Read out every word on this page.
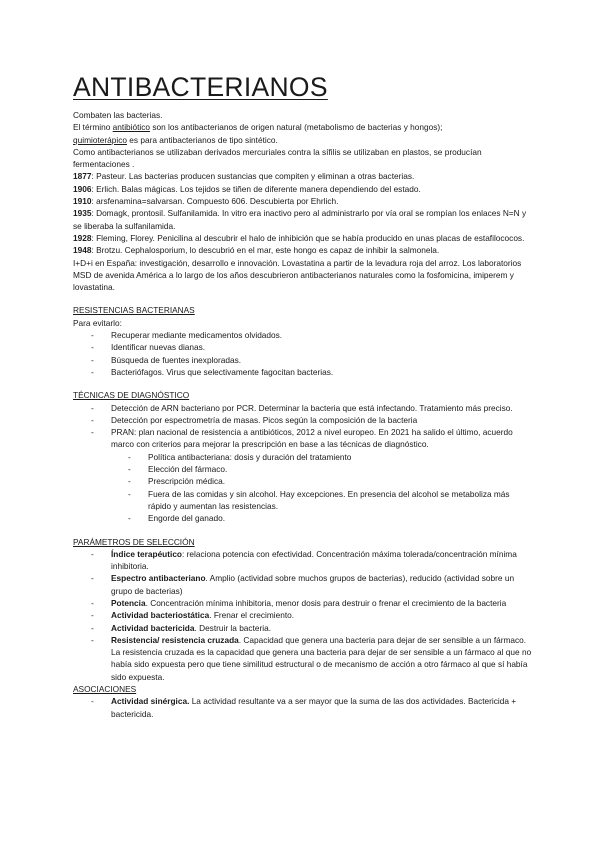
ANTIBACTERIANOS

Combaten las bacterias.

El término antibiótico son los antibacterianos de origen natural (metabolismo de bacterias y hongos);

quimioterápico es para antibacterianos de tipo sintético.

Como antibacterianos se utilizaban derivados mercuriales contra la sífilis se utilizaban en plastos, se producían fermentaciones .

1877: Pasteur. Las bacterias producen sustancias que compiten y eliminan a otras bacterias.

1906: Erlich. Balas mágicas. Los tejidos se tiñen de diferente manera dependiendo del estado.

1910: arsfenamina=salvarsan. Compuesto 606. Descubierta por Ehrlich.

1935: Domagk, prontosil. Sulfanilamida. In vitro era inactivo pero al administrarlo por vía oral se rompían los enlaces N=N y se liberaba la sulfanilamida.

1928: Fleming, Florey. Penicilina al descubrir el halo de inhibición que se había producido en unas placas de estafilococos.

1948: Brotzu. Cephalosporium, lo descubrió en el mar, este hongo es capaz de inhibir la salmonela.

I+D+i en España: investigación, desarrollo e innovación. Lovastatina a partir de la levadura roja del arroz. Los laboratorios MSD de avenida América a lo largo de los años descubrieron antibacterianos naturales como la fosfomicina, imiperem y lovastatina.

RESISTENCIAS BACTERIANAS

Para evitarlo:

- Recuperar mediante medicamentos olvidados.
- Identificar nuevas dianas.
- Búsqueda de fuentes inexploradas.
- Bacteriófagos. Virus que selectivamente fagocitan bacterias.

TÉCNICAS DE DIAGNÓSTICO

- Detección de ARN bacteriano por PCR. Determinar la bacteria que está infectando. Tratamiento más preciso.
- Detección por espectrometría de masas. Picos según la composición de la bacteria
- PRAN: plan nacional de resistencia a antibióticos, 2012 a nivel europeo. En 2021 ha salido el último, acuerdo marco con criterios para mejorar la prescripción en base a las técnicas de diagnóstico.
- Política antibacteriana: dosis y duración del tratamiento
- Elección del fármaco.
- Prescripción médica.
- Fuera de las comidas y sin alcohol. Hay excepciones. En presencia del alcohol se metaboliza más rápido y aumentan las resistencias.
- Engorde del ganado.

PARÁMETROS DE SELECCIÓN

- Índice terapéutico: relaciona potencia con efectividad. Concentración máxima tolerada/concentración mínima inhibitoria.
- Espectro antibacteriano. Amplio (actividad sobre muchos grupos de bacterias), reducido (actividad sobre un grupo de bacterias)
- Potencia. Concentración mínima inhibitoria, menor dosis para destruir o frenar el crecimiento de la bacteria
- Actividad bacteriostática. Frenar el crecimiento.
- Actividad bactericida. Destruir la bacteria.
- Resistencia/ resistencia cruzada. Capacidad que genera una bacteria para dejar de ser sensible a un fármaco. La resistencia cruzada es la capacidad que genera una bacteria para dejar de ser sensible a un fármaco al que no había sido expuesta pero que tiene similitud estructural o de mecanismo de acción a otro fármaco al que sí había sido expuesta.

ASOCIACIONES

- Actividad sinérgica. La actividad resultante va a ser mayor que la suma de las dos actividades. Bactericida + bactericida.
